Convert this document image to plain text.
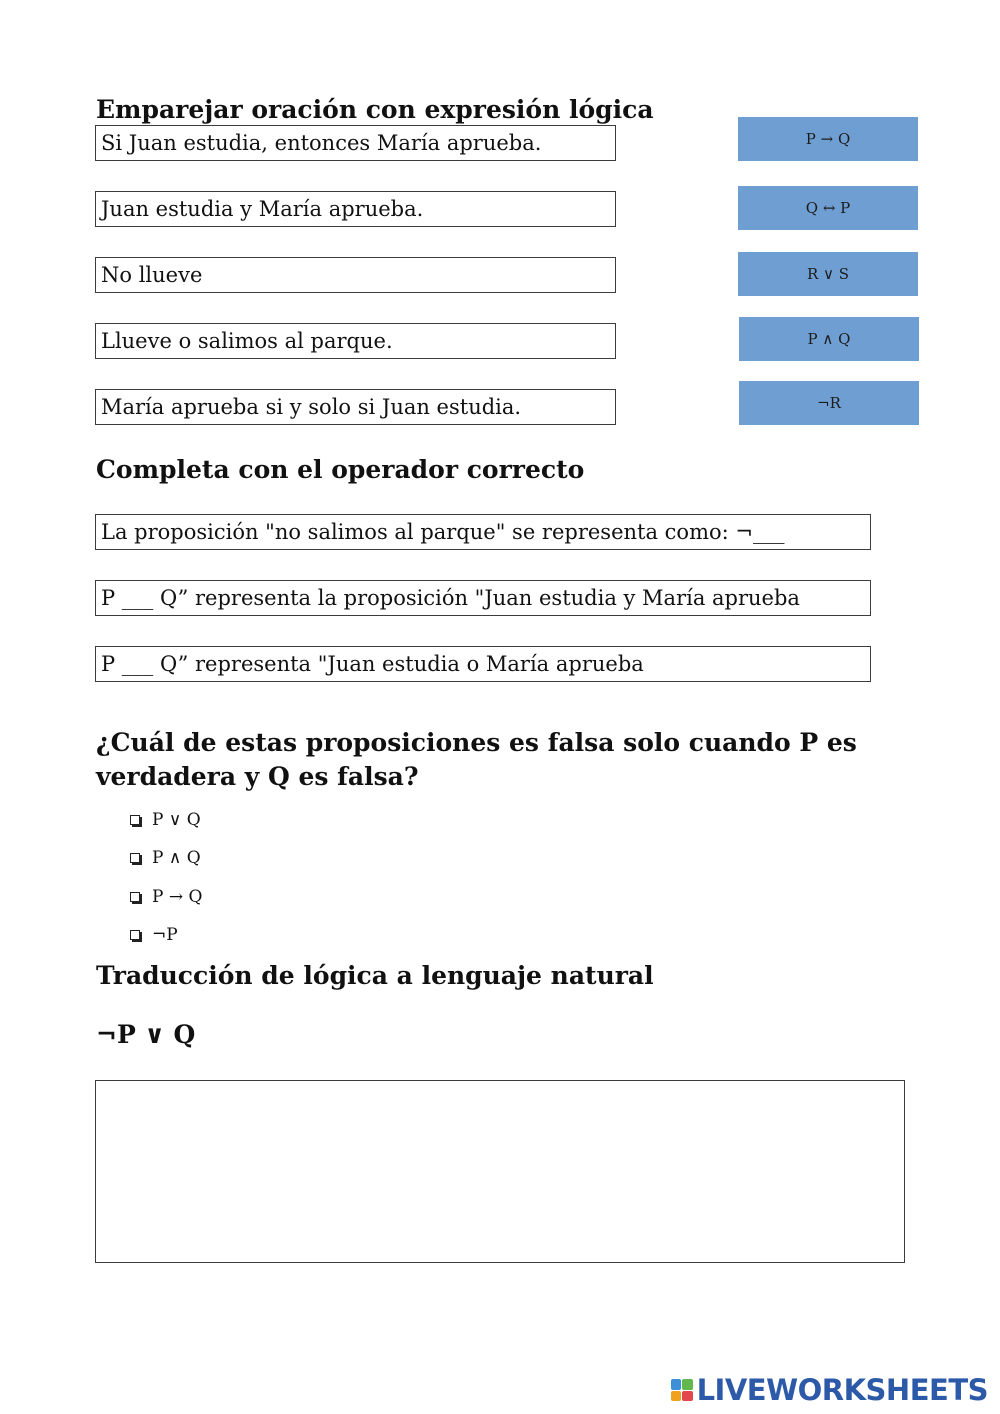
Emparejar oración con expresión lógica
Si Juan estudia, entonces María aprueba.
Juan estudia y María aprueba.
No llueve
Llueve o salimos al parque.
María aprueba si y solo si Juan estudia.
P → Q
Q ↔ P
R ∨ S
P ∧ Q
¬R
Completa con el operador correcto
La proposición "no salimos al parque" se representa como: ¬___
P ___ Q” representa la proposición "Juan estudia y María aprueba
P ___ Q” representa "Juan estudia o María aprueba
¿Cuál de estas proposiciones es falsa solo cuando P es
verdadera y Q es falsa?
P ∨ Q
P ∧ Q
P → Q
¬P
Traducción de lógica a lenguaje natural
¬P ∨ Q
LIVEWORKSHEETS
